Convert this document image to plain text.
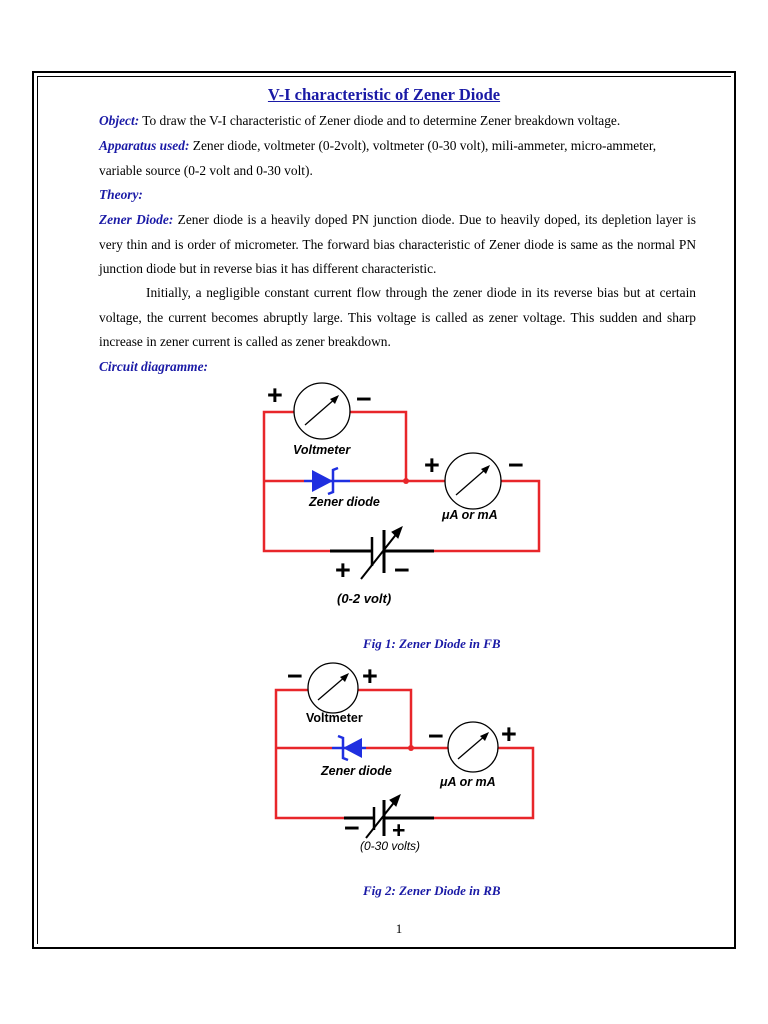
V-I characteristic of Zener Diode

Object: To draw the V-I characteristic of Zener diode and to determine Zener breakdown voltage.

Apparatus used: Zener diode, voltmeter (0-2volt), voltmeter (0-30 volt), mili-ammeter, micro-ammeter, variable source (0-2 volt and 0-30 volt).

Theory:

Zener Diode: Zener diode is a heavily doped PN junction diode. Due to heavily doped, its depletion layer is very thin and is order of micrometer. The forward bias characteristic of Zener diode is same as the normal PN junction diode but in reverse bias it has different characteristic.

Initially, a negligible constant current flow through the zener diode in its reverse bias but at certain voltage, the current becomes abruptly large. This voltage is called as zener voltage. This sudden and sharp increase in zener current is called as zener breakdown.

Circuit diagramme:

+	−
+	−
+ −
Voltmeter
Zener diode
μA or mA
(0-2 volt)
Fig 1: Zener Diode in FB
− +
− +
− +
Voltmeter
Zener diode
μA or mA
(0-30 volts)
Fig 2: Zener Diode in RB
1
